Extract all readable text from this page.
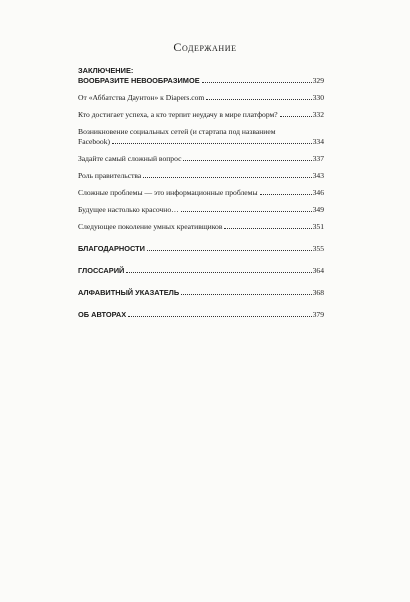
Содержание
ЗАКЛЮЧЕНИЕ:
ВООБРАЗИТЕ НЕВООБРАЗИМОЕ	329
От «Аббатства Даунтон» к Diapers.com	330
Кто достигает успеха, а кто терпит неудачу в мире платформ?	332
Возникновение социальных сетей (и стартапа под названием
Facebook)	334
Задайте самый сложный вопрос	337
Роль правительства	343
Сложные проблемы — это информационные проблемы	346
Будущее настолько красочно…	349
Следующее поколение умных креативщиков	351
БЛАГОДАРНОСТИ	355
ГЛОССАРИЙ	364
АЛФАВИТНЫЙ УКАЗАТЕЛЬ	368
ОБ АВТОРАХ	379
